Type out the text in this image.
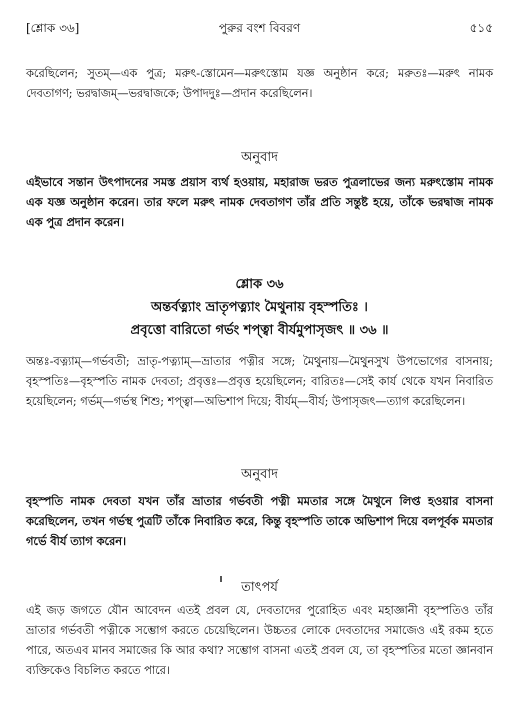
[শ্লোক ৩৬]	পুরুর বংশ বিবরণ	৫১৫
করেছিলেন; সুতম্—এক পুত্র; মরুৎ-স্তোমেন—মরুৎস্তোম যজ্ঞ অনুষ্ঠান করে; মরুতঃ—মরুৎ নামক দেবতাগণ; ভরদ্বাজম্—ভরদ্বাজকে; উপাদদুঃ—প্রদান করেছিলেন।
অনুবাদ
এইভাবে সন্তান উৎপাদনের সমস্ত প্রয়াস ব্যর্থ হওয়ায়, মহারাজ ভরত পুত্রলাভের জন্য মরুৎস্তোম নামক এক যজ্ঞ অনুষ্ঠান করেন। তার ফলে মরুৎ নামক দেবতাগণ তাঁর প্রতি সন্তুষ্ট হয়ে, তাঁকে ভরদ্বাজ নামক এক পুত্র প্রদান করেন।
শ্লোক ৩৬
অন্তর্বত্ন্যাং ভ্রাতৃপত্ন্যাং মৈথুনায় বৃহস্পতিঃ ।
প্রবৃত্তো বারিতো গর্ভং শপ্ত্বা বীর্যমুপাসৃজৎ ॥ ৩৬ ॥
অন্তঃ-বত্ন্যাম্—গর্ভবতী; ভ্রাতৃ-পত্ন্যাম্—ভ্রাতার পত্নীর সঙ্গে; মৈথুনায়—মৈথুনসুখ উপভোগের বাসনায়; বৃহস্পতিঃ—বৃহস্পতি নামক দেবতা; প্রবৃত্তঃ—প্রবৃত্ত হয়েছিলেন; বারিতঃ—সেই কার্য থেকে যখন নিবারিত হয়েছিলেন; গর্ভম্—গর্ভস্থ শিশু; শপ্ত্বা—অভিশাপ দিয়ে; বীর্যম্—বীর্য; উপাসৃজৎ—ত্যাগ করেছিলেন।
অনুবাদ
বৃহস্পতি নামক দেবতা যখন তাঁর ভ্রাতার গর্ভবতী পত্নী মমতার সঙ্গে মৈথুনে লিপ্ত হওয়ার বাসনা করেছিলেন, তখন গর্ভস্থ পুত্রটি তাঁকে নিবারিত করে, কিন্তু বৃহস্পতি তাকে অভিশাপ দিয়ে বলপূর্বক মমতার গর্ভে বীর্য ত্যাগ করেন।
তাৎপর্য
এই জড় জগতে যৌন আবেদন এতই প্রবল যে, দেবতাদের পুরোহিত এবং মহাজ্ঞানী বৃহস্পতিও তাঁর ভ্রাতার গর্ভবতী পত্নীকে সম্ভোগ করতে চেয়েছিলেন। উচ্চতর লোকে দেবতাদের সমাজেও এই রকম হতে পারে, অতএব মানব সমাজের কি আর কথা? সম্ভোগ বাসনা এতই প্রবল যে, তা বৃহস্পতির মতো জ্ঞানবান ব্যক্তিকেও বিচলিত করতে পারে।
